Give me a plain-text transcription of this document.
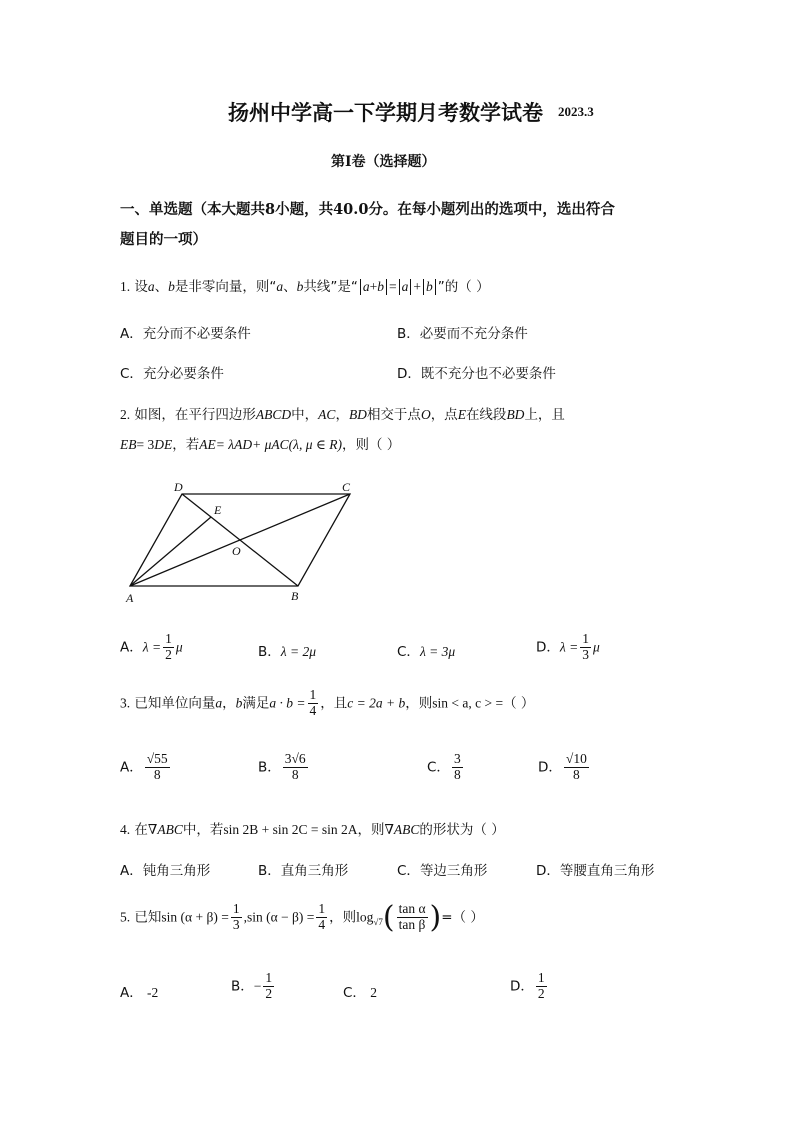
扬州中学高一下学期月考数学试卷 2023.3
第I卷（选择题）
一、单选题（本大题共8小题，共40.0分。在每小题列出的选项中，选出符合
题目的一项）
1. 设a、b是非零向量，则“a、b共线”是“ a+b = a + b ”的（ ）
A．充分而不必要条件	B．必要而不充分条件
C．充分必要条件	D．既不充分也不必要条件
2. 如图，在平行四边形ABCD中，AC，BD相交于点O，点E在线段BD上，且
EB= 3DE，若AE= λAD+ μAC(λ, μ ∈ R)，则（ ）
D	C
E
O
A	B
A．$\lambda = \frac{1}{2}$ μ	B．λ = 2μ	C．λ = 3μ	D．$\lambda = \frac{1}{3}$ μ
3. 已知单位向量a，b满足$a \cdot b = \frac{1}{4}$ ，且c = 2a + b，则sin < a, c > =（ ）
A． $\frac{√55}{8}$	B． $\frac{3√6}{8}$	C． $\frac{3}{8}$	D． $\frac{√10}{8}$
4. 在∇ABC中，若sin 2B + sin 2C = sin 2A，则∇ABC的形状为（ ）
A．钝角三角形	B．直角三角形	C．等边三角形	D．等腰直角三角形
5. 已知$\sin (\alpha + \beta) = \frac{1}{3} ,\sin$ $(\alpha - \beta) = \frac{1}{4}$ ，则$\log_{√7}( \frac{\text{tan α}}{\text{tan β}}$ )=（ ）
A． -2	B．− $\frac{1}{2}$	C． 2	D． $\frac{1}{2}$
